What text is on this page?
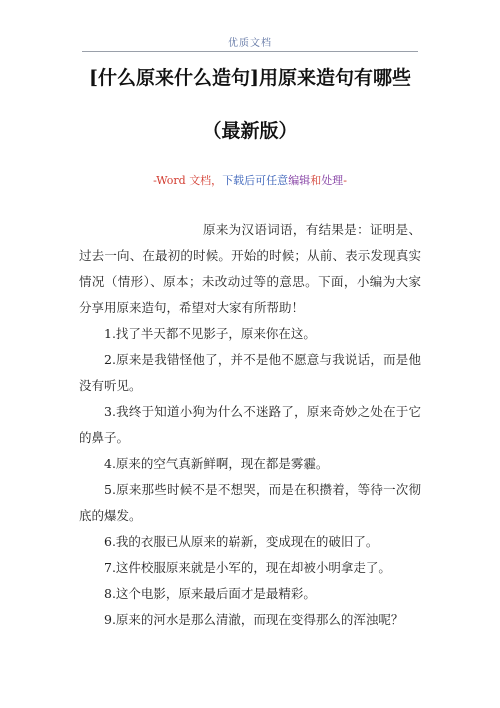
优质文档
[什么原来什么造句]用原来造句有哪些
（最新版）
-Word 文档，下载后可任意编辑和处理-

原来为汉语词语，有结果是：证明是、过去一向、在最初的时候。开始的时候；从前、表示发现真实情况（情形）、原本；未改动过等的意思。下面，小编为大家分享用原来造句，希望对大家有所帮助！

1.找了半天都不见影子，原来你在这。

2.原来是我错怪他了，并不是他不愿意与我说话，而是他没有听见。

3.我终于知道小狗为什么不迷路了，原来奇妙之处在于它的鼻子。

4.原来的空气真新鲜啊，现在都是雾霾。

5.原来那些时候不是不想哭，而是在积攒着，等待一次彻底的爆发。

6.我的衣服已从原来的崭新，变成现在的破旧了。

7.这件校服原来就是小军的，现在却被小明拿走了。

8.这个电影，原来最后面才是最精彩。

9.原来的河水是那么清澈，而现在变得那么的浑浊呢？
